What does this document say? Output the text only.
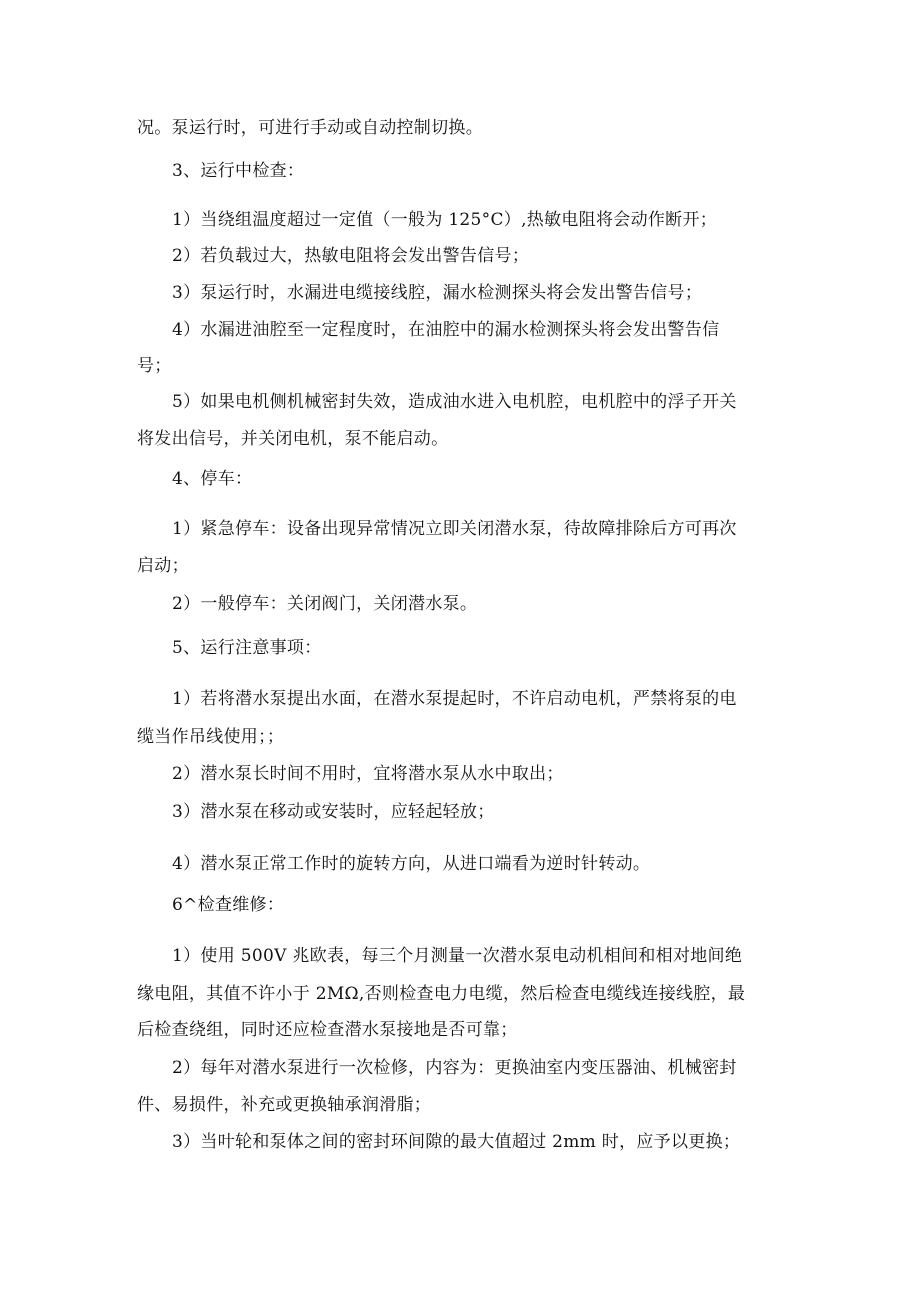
况。泵运行时，可进行手动或自动控制切换。
3、运行中检查：
1）当绕组温度超过一定值（一般为 125°C）,热敏电阻将会动作断开；
2）若负载过大，热敏电阻将会发出警告信号；
3）泵运行时，水漏进电缆接线腔，漏水检测探头将会发出警告信号；
4）水漏进油腔至一定程度时，在油腔中的漏水检测探头将会发出警告信
号；
5）如果电机侧机械密封失效，造成油水进入电机腔，电机腔中的浮子开关
将发出信号，并关闭电机，泵不能启动。
4、停车：
1）紧急停车：设备出现异常情况立即关闭潜水泵，待故障排除后方可再次
启动；
2）一般停车：关闭阀门，关闭潜水泵。
5、运行注意事项：
1）若将潜水泵提出水面，在潜水泵提起时，不许启动电机，严禁将泵的电
缆当作吊线使用；；
2）潜水泵长时间不用时，宜将潜水泵从水中取出；
3）潜水泵在移动或安装时，应轻起轻放；
4）潜水泵正常工作时的旋转方向，从进口端看为逆时针转动。
6^检查维修：
1）使用 500V 兆欧表，每三个月测量一次潜水泵电动机相间和相对地间绝
缘电阻，其值不许小于 2MΩ,否则检查电力电缆，然后检查电缆线连接线腔，最
后检查绕组，同时还应检查潜水泵接地是否可靠；
2）每年对潜水泵进行一次检修，内容为：更换油室内变压器油、机械密封
件、易损件，补充或更换轴承润滑脂；
3）当叶轮和泵体之间的密封环间隙的最大值超过 2mm 时，应予以更换；
